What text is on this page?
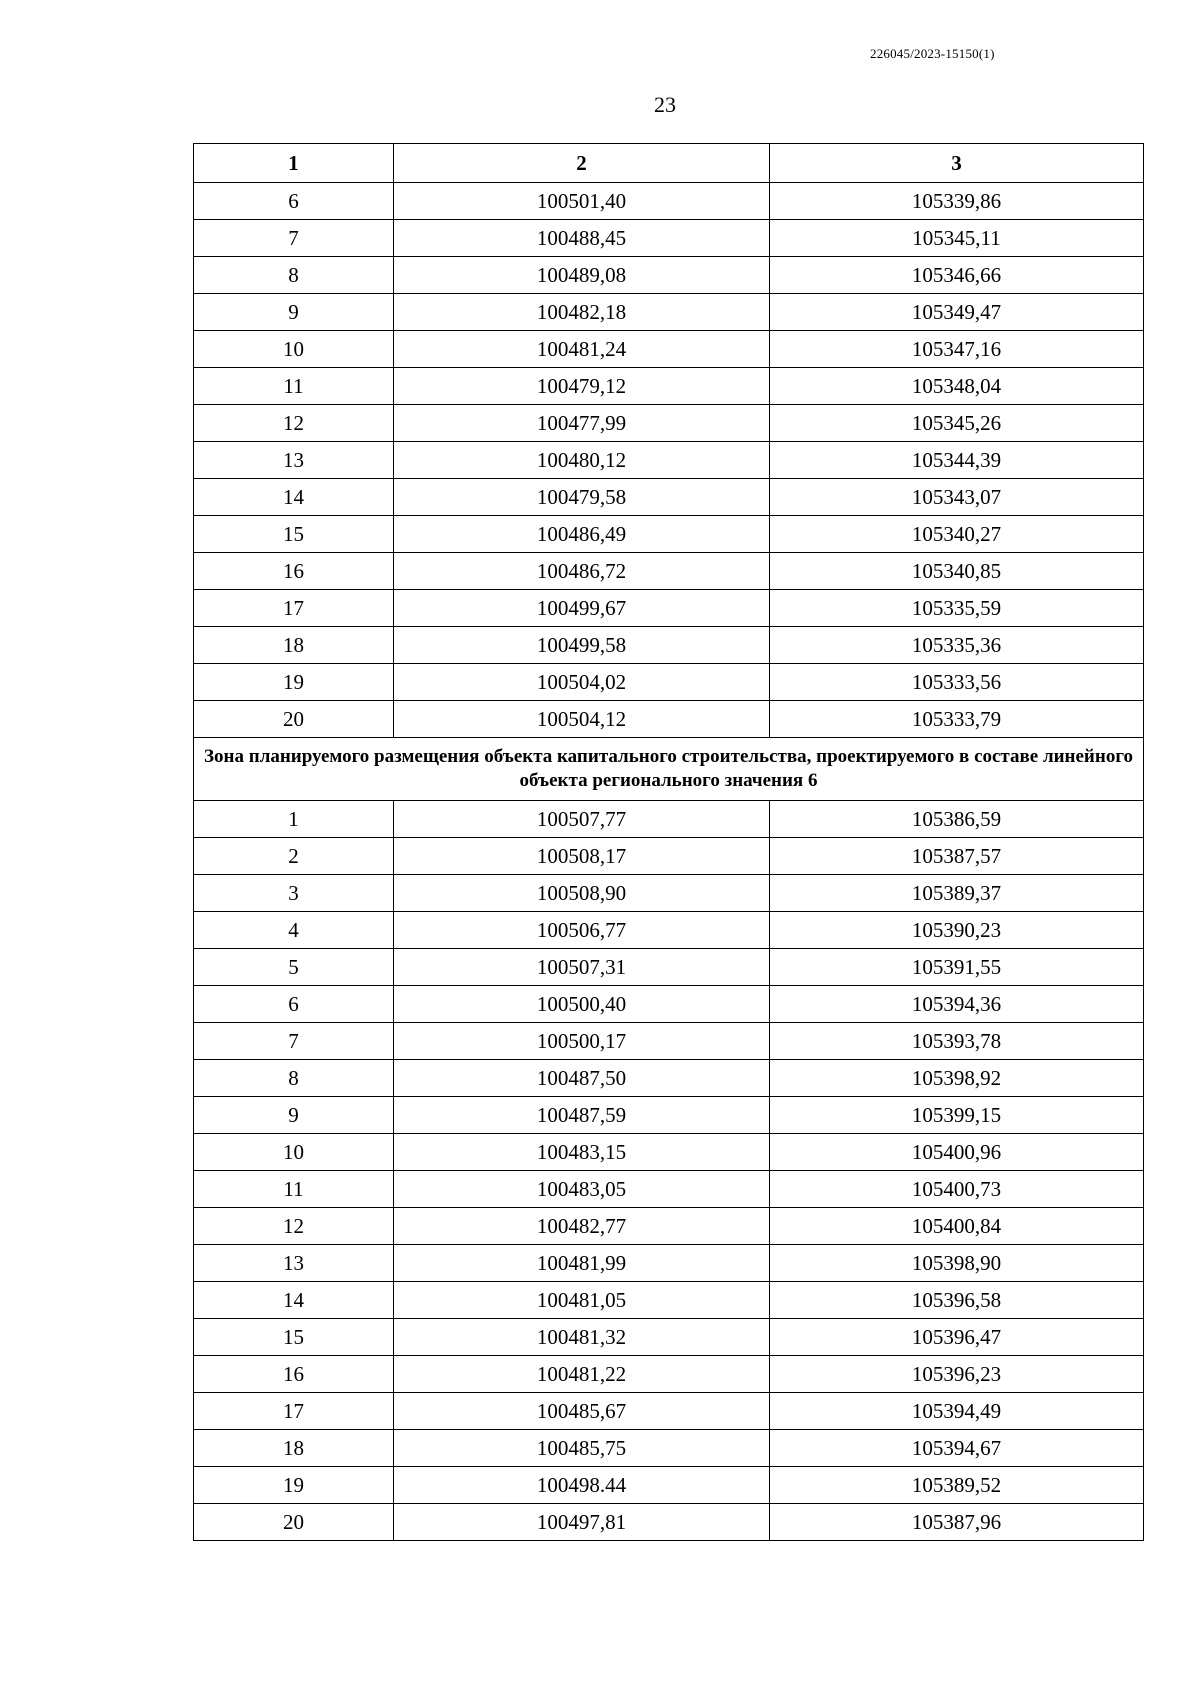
226045/2023-15150(1)
23
1	2	3
6	100501,40	105339,86
7	100488,45	105345,11
8	100489,08	105346,66
9	100482,18	105349,47
10	100481,24	105347,16
11	100479,12	105348,04
12	100477,99	105345,26
13	100480,12	105344,39
14	100479,58	105343,07
15	100486,49	105340,27
16	100486,72	105340,85
17	100499,67	105335,59
18	100499,58	105335,36
19	100504,02	105333,56
20	100504,12	105333,79
Зона планируемого размещения объекта капитального строительства, проектируемого в составе линейного объекта регионального значения 6		
1	100507,77	105386,59
2	100508,17	105387,57
3	100508,90	105389,37
4	100506,77	105390,23
5	100507,31	105391,55
6	100500,40	105394,36
7	100500,17	105393,78
8	100487,50	105398,92
9	100487,59	105399,15
10	100483,15	105400,96
11	100483,05	105400,73
12	100482,77	105400,84
13	100481,99	105398,90
14	100481,05	105396,58
15	100481,32	105396,47
16	100481,22	105396,23
17	100485,67	105394,49
18	100485,75	105394,67
19	100498.44	105389,52
20	100497,81	105387,96
